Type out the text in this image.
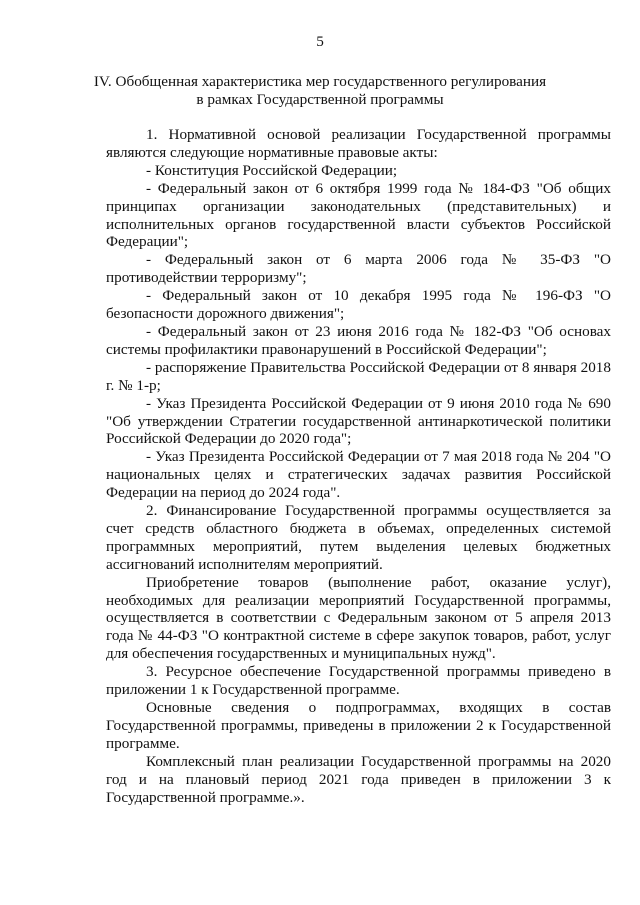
5
IV. Обобщенная характеристика мер государственного регулирования
в рамках Государственной программы

1. Нормативной основой реализации Государственной программы являются следующие нормативные правовые акты:

- Конституция Российской Федерации;

- Федеральный закон от 6 октября 1999 года № 184-ФЗ "Об общих принципах организации законодательных (представительных) и исполнительных органов государственной власти субъектов Российской Федерации";

- Федеральный закон от 6 марта 2006 года № 35-ФЗ "О противодействии терроризму";

- Федеральный закон от 10 декабря 1995 года № 196-ФЗ "О безопасности дорожного движения";

- Федеральный закон от 23 июня 2016 года № 182-ФЗ "Об основах системы профилактики правонарушений в Российской Федерации";

- распоряжение Правительства Российской Федерации от 8 января 2018 г. № 1-р;

- Указ Президента Российской Федерации от 9 июня 2010 года № 690 "Об утверждении Стратегии государственной антинаркотической политики Российской Федерации до 2020 года";

- Указ Президента Российской Федерации от 7 мая 2018 года № 204 "О национальных целях и стратегических задачах развития Российской Федерации на период до 2024 года".

2. Финансирование Государственной программы осуществляется за счет средств областного бюджета в объемах, определенных системой программных мероприятий, путем выделения целевых бюджетных ассигнований исполнителям мероприятий.

Приобретение товаров (выполнение работ, оказание услуг), необходимых для реализации мероприятий Государственной программы, осуществляется в соответствии с Федеральным законом от 5 апреля 2013 года № 44-ФЗ "О контрактной системе в сфере закупок товаров, работ, услуг для обеспечения государственных и муниципальных нужд".

3. Ресурсное обеспечение Государственной программы приведено в приложении 1 к Государственной программе.

Основные сведения о подпрограммах, входящих в состав Государственной программы, приведены в приложении 2 к Государственной программе.

Комплексный план реализации Государственной программы на 2020 год и на плановый период 2021 года приведен в приложении 3 к Государственной программе.».
